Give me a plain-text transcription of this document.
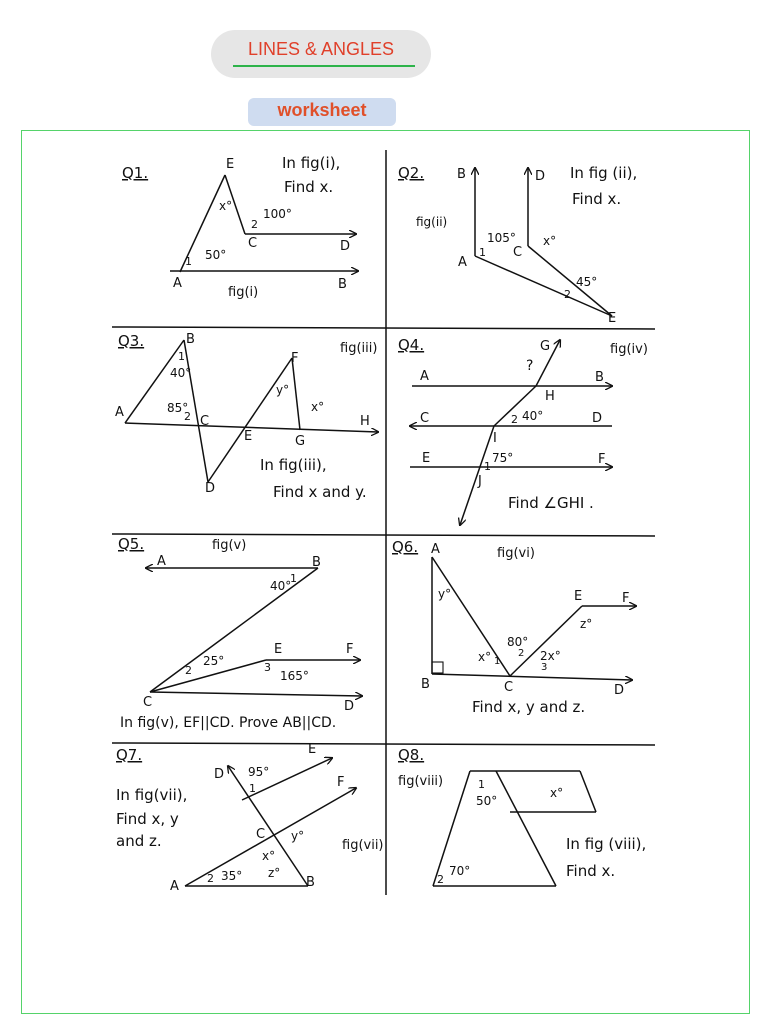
LINES & ANGLES
worksheet
Q1.
In fig(i),
Find x.
E
C	D
A	B
x°
100°
50°
1
2
fig(i)
Q2.	In fig (ii),
Find x.
B	D
A
C
E
105° x°
45°
1
2
fig(ii)
Q3.	fig(iii)
A
B
C
D
E
F
G
H
40°
85°
y°
x°
1
2
In fig(iii),
Find x and y.
Q4.	fig(iv)
G
A	B
H
C	D
I
E	F
J
?
40°
75°
1
2
Find ∠GHI .
Q5.	fig(v)
A	B
E	F
C	D
40°
25°
165°
1
2	3
In fig(v), EF||CD. Prove AB||CD.
Q6.	fig(vi)
A
B	C	D
E	F
y°
x°
80°
2x°
z°
1
2
3
Find x, y and z.
Q7.
In fig(vii),
Find x, y
and z.	fig(vii)
D
E
F
C
A	B
95°
35°
y°
x°
z°
1
2
Q8.
fig(viii)
50°
70°
x°
1
2
In fig (viii),
Find x.
